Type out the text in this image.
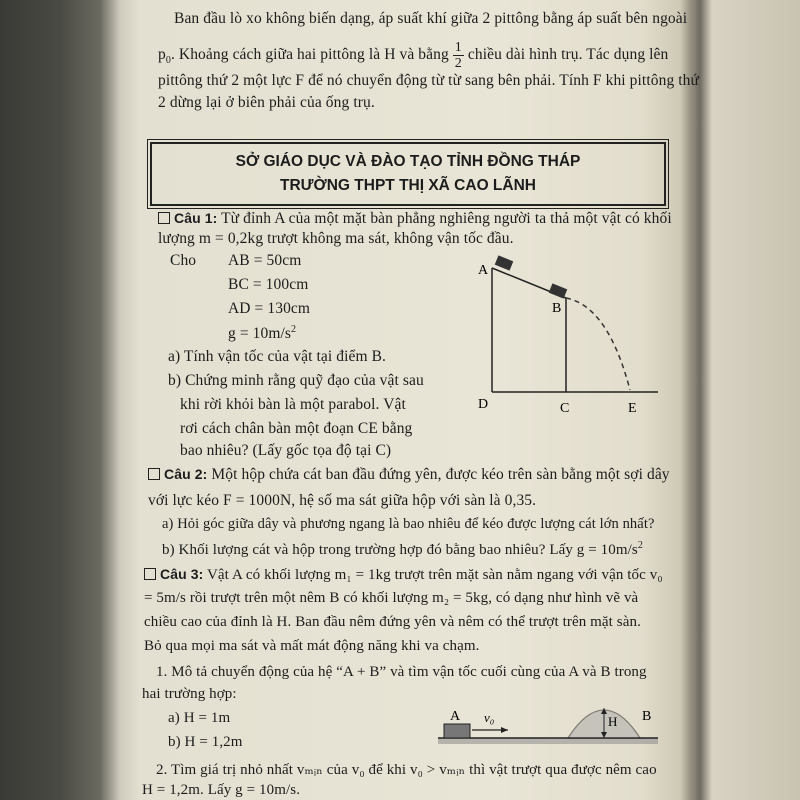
Ban đầu lò xo không biến dạng, áp suất khí giữa 2 pittông bằng áp suất bên ngoài
$p_0$. Khoảng cách giữa hai pittông là H và bằng $\frac{1}{2}$ chiều dài hình trụ. Tác dụng lên
pittông thứ 2 một lực F để nó chuyển động từ từ sang bên phải. Tính F khi pittông thứ
2 dừng lại ở biên phải của ống trụ.
SỞ GIÁO DỤC VÀ ĐÀO TẠO TỈNH ĐỒNG THÁP
TRƯỜNG THPT THỊ XÃ CAO LÃNH
Câu 1: Từ đỉnh A của một mặt bàn phẳng nghiêng người ta thả một vật có khối
lượng m = 0,2kg trượt không ma sát, không vận tốc đầu.
Cho AB = 50cm
BC = 100cm
AD = 130cm
$g = 10m/s^2$
a) Tính vận tốc của vật tại điểm B.
b) Chứng minh rằng quỹ đạo của vật sau
khi rời khỏi bàn là một parabol. Vật
rơi cách chân bàn một đoạn CE bằng
bao nhiêu? (Lấy gốc tọa độ tại C)
A
B
D	C	E
Câu 2: Một hộp chứa cát ban đầu đứng yên, được kéo trên sàn bằng một sợi dây
với lực kéo F = 1000N, hệ số ma sát giữa hộp với sàn là 0,35.
a) Hỏi góc giữa dây và phương ngang là bao nhiêu để kéo được lượng cát lớn nhất?
b) Khối lượng cát và hộp trong trường hợp đó bằng bao nhiêu? Lấy $g = 10m/s^2$
Câu 3: Vật A có khối lượng m₁ = 1kg trượt trên mặt sàn nằm ngang với vận tốc v₀
= 5m/s rồi trượt trên một nêm B có khối lượng m₂ = 5kg, có dạng như hình vẽ và
chiều cao của đỉnh là H. Ban đầu nêm đứng yên và nêm có thể trượt trên mặt sàn.
Bỏ qua mọi ma sát và mất mát động năng khi va chạm.
1. Mô tả chuyển động của hệ “A + B” và tìm vận tốc cuối cùng của A và B trong
hai trường hợp:
a) H = 1m
b) H = 1,2m
2. Tìm giá trị nhỏ nhất vₘᵢₙ của v₀ để khi v₀ > vₘᵢₙ thì vật trượt qua được nêm cao
H = 1,2m. Lấy g = 10m/s.
A v₀	H B
